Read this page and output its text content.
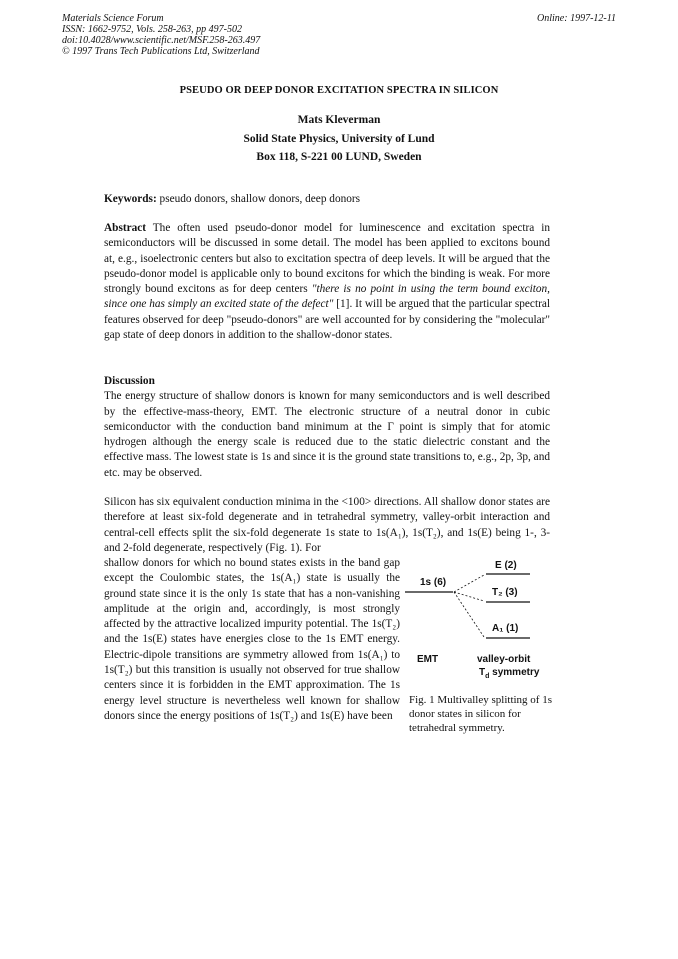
Materials Science Forum
ISSN: 1662-9752, Vols. 258-263, pp 497-502
doi:10.4028/www.scientific.net/MSF.258-263.497
© 1997 Trans Tech Publications Ltd, Switzerland
Online: 1997-12-11
PSEUDO OR DEEP DONOR EXCITATION SPECTRA IN SILICON
Mats Kleverman
Solid State Physics, University of Lund
Box 118, S-221 00 LUND, Sweden
Keywords: pseudo donors, shallow donors, deep donors
Abstract The often used pseudo-donor model for luminescence and excitation spectra in semiconductors will be discussed in some detail. The model has been applied to excitons bound at, e.g., isoelectronic centers but also to excitation spectra of deep levels. It will be argued that the pseudo-donor model is applicable only to bound excitons for which the binding is weak. For more strongly bound excitons as for deep centers "there is no point in using the term bound exciton, since one has simply an excited state of the defect" [1]. It will be argued that the particular spectral features observed for deep "pseudo-donors" are well accounted for by considering the "molecular" gap state of deep donors in addition to the shallow-donor states.
Discussion
The energy structure of shallow donors is known for many semiconductors and is well described by the effective-mass-theory, EMT. The electronic structure of a neutral donor in cubic semiconductor with the conduction band minimum at the Γ point is simply that for atomic hydrogen although the energy scale is reduced due to the static dielectric constant and the effective mass. The lowest state is 1s and since it is the ground state transitions to, e.g., 2p, 3p, and etc. may be observed.
Silicon has six equivalent conduction minima in the <100> directions. All shallow donor states are therefore at least six-fold degenerate and in tetrahedral symmetry, valley-orbit interaction and central-cell effects split the six-fold degenerate 1s state to 1s(A₁), 1s(T₂), and 1s(E) being 1-, 3- and 2-fold degenerate, respectively (Fig. 1). For
shallow donors for which no bound states exists in the band gap except the Coulombic states, the 1s(A₁) state is usually the ground state since it is the only 1s state that has a non-vanishing amplitude at the origin and, accordingly, is most strongly affected by the attractive localized impurity potential. The 1s(T₂) and the 1s(E) states have energies close to the 1s EMT energy. Electric-dipole transitions are symmetry allowed from 1s(A₁) to 1s(T₂) but this transition is usually not observed for true shallow centers since it is forbidden in the EMT approximation. The 1s energy level structure is nevertheless well known for shallow donors since the energy positions of 1s(T₂) and 1s(E) have been
1s (6)
E (2)
T₂ (3)
A₁ (1)
EMT	valley-orbit
$T_d$ symmetry
Fig. 1 Multivalley splitting of 1s donor states in silicon for tetrahedral symmetry.
